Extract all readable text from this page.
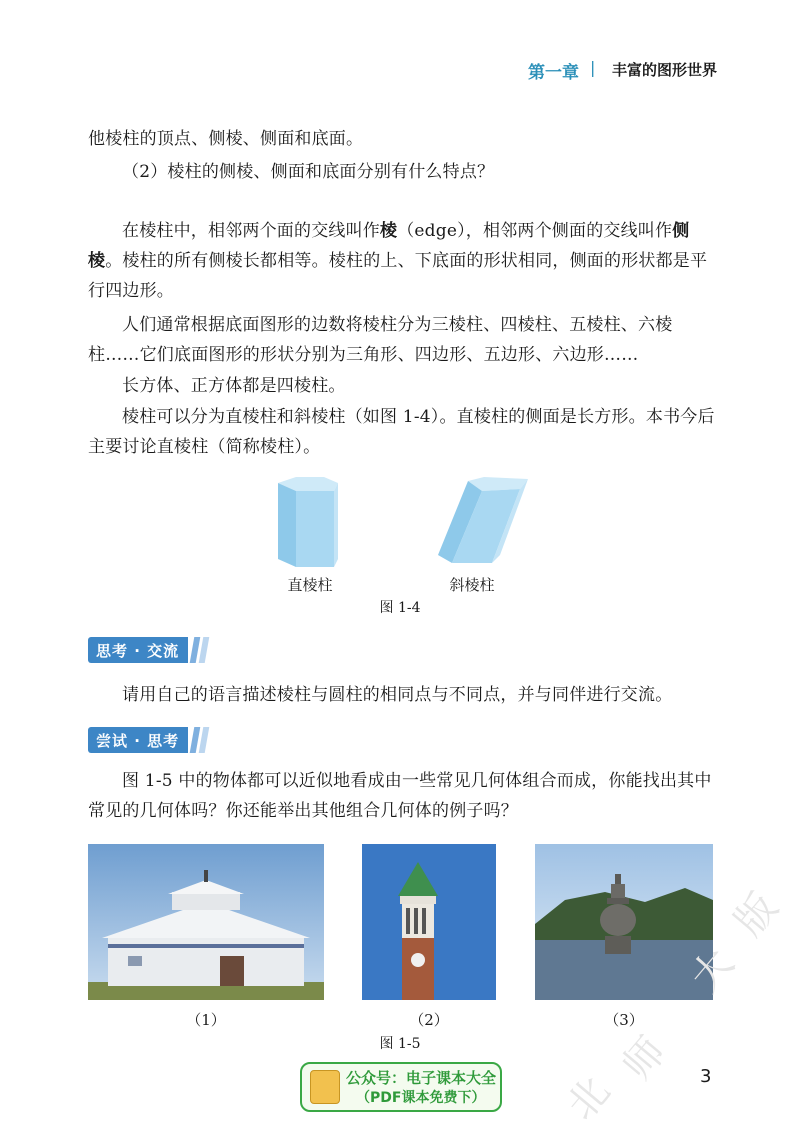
第一章 | 丰富的图形世界
他棱柱的顶点、侧棱、侧面和底面。
（2）棱柱的侧棱、侧面和底面分别有什么特点？
在棱柱中，相邻两个面的交线叫作棱（edge），相邻两个侧面的交线叫作侧棱。棱柱的所有侧棱长都相等。棱柱的上、下底面的形状相同，侧面的形状都是平行四边形。
人们通常根据底面图形的边数将棱柱分为三棱柱、四棱柱、五棱柱、六棱柱……它们底面图形的形状分别为三角形、四边形、五边形、六边形……
长方体、正方体都是四棱柱。
棱柱可以分为直棱柱和斜棱柱（如图 1-4）。直棱柱的侧面是长方形。本书今后主要讨论直棱柱（简称棱柱）。
直棱柱	斜棱柱
图 1-4
思考 · 交流
请用自己的语言描述棱柱与圆柱的相同点与不同点，并与同伴进行交流。
尝试 · 思考
图 1-5 中的物体都可以近似地看成由一些常见几何体组合而成，你能找出其中常见的几何体吗？你还能举出其他组合几何体的例子吗？
（1）	（2）	（3）
图 1-5
版
大
师
北
公众号：电子课本大全
（PDF课本免费下）
3
